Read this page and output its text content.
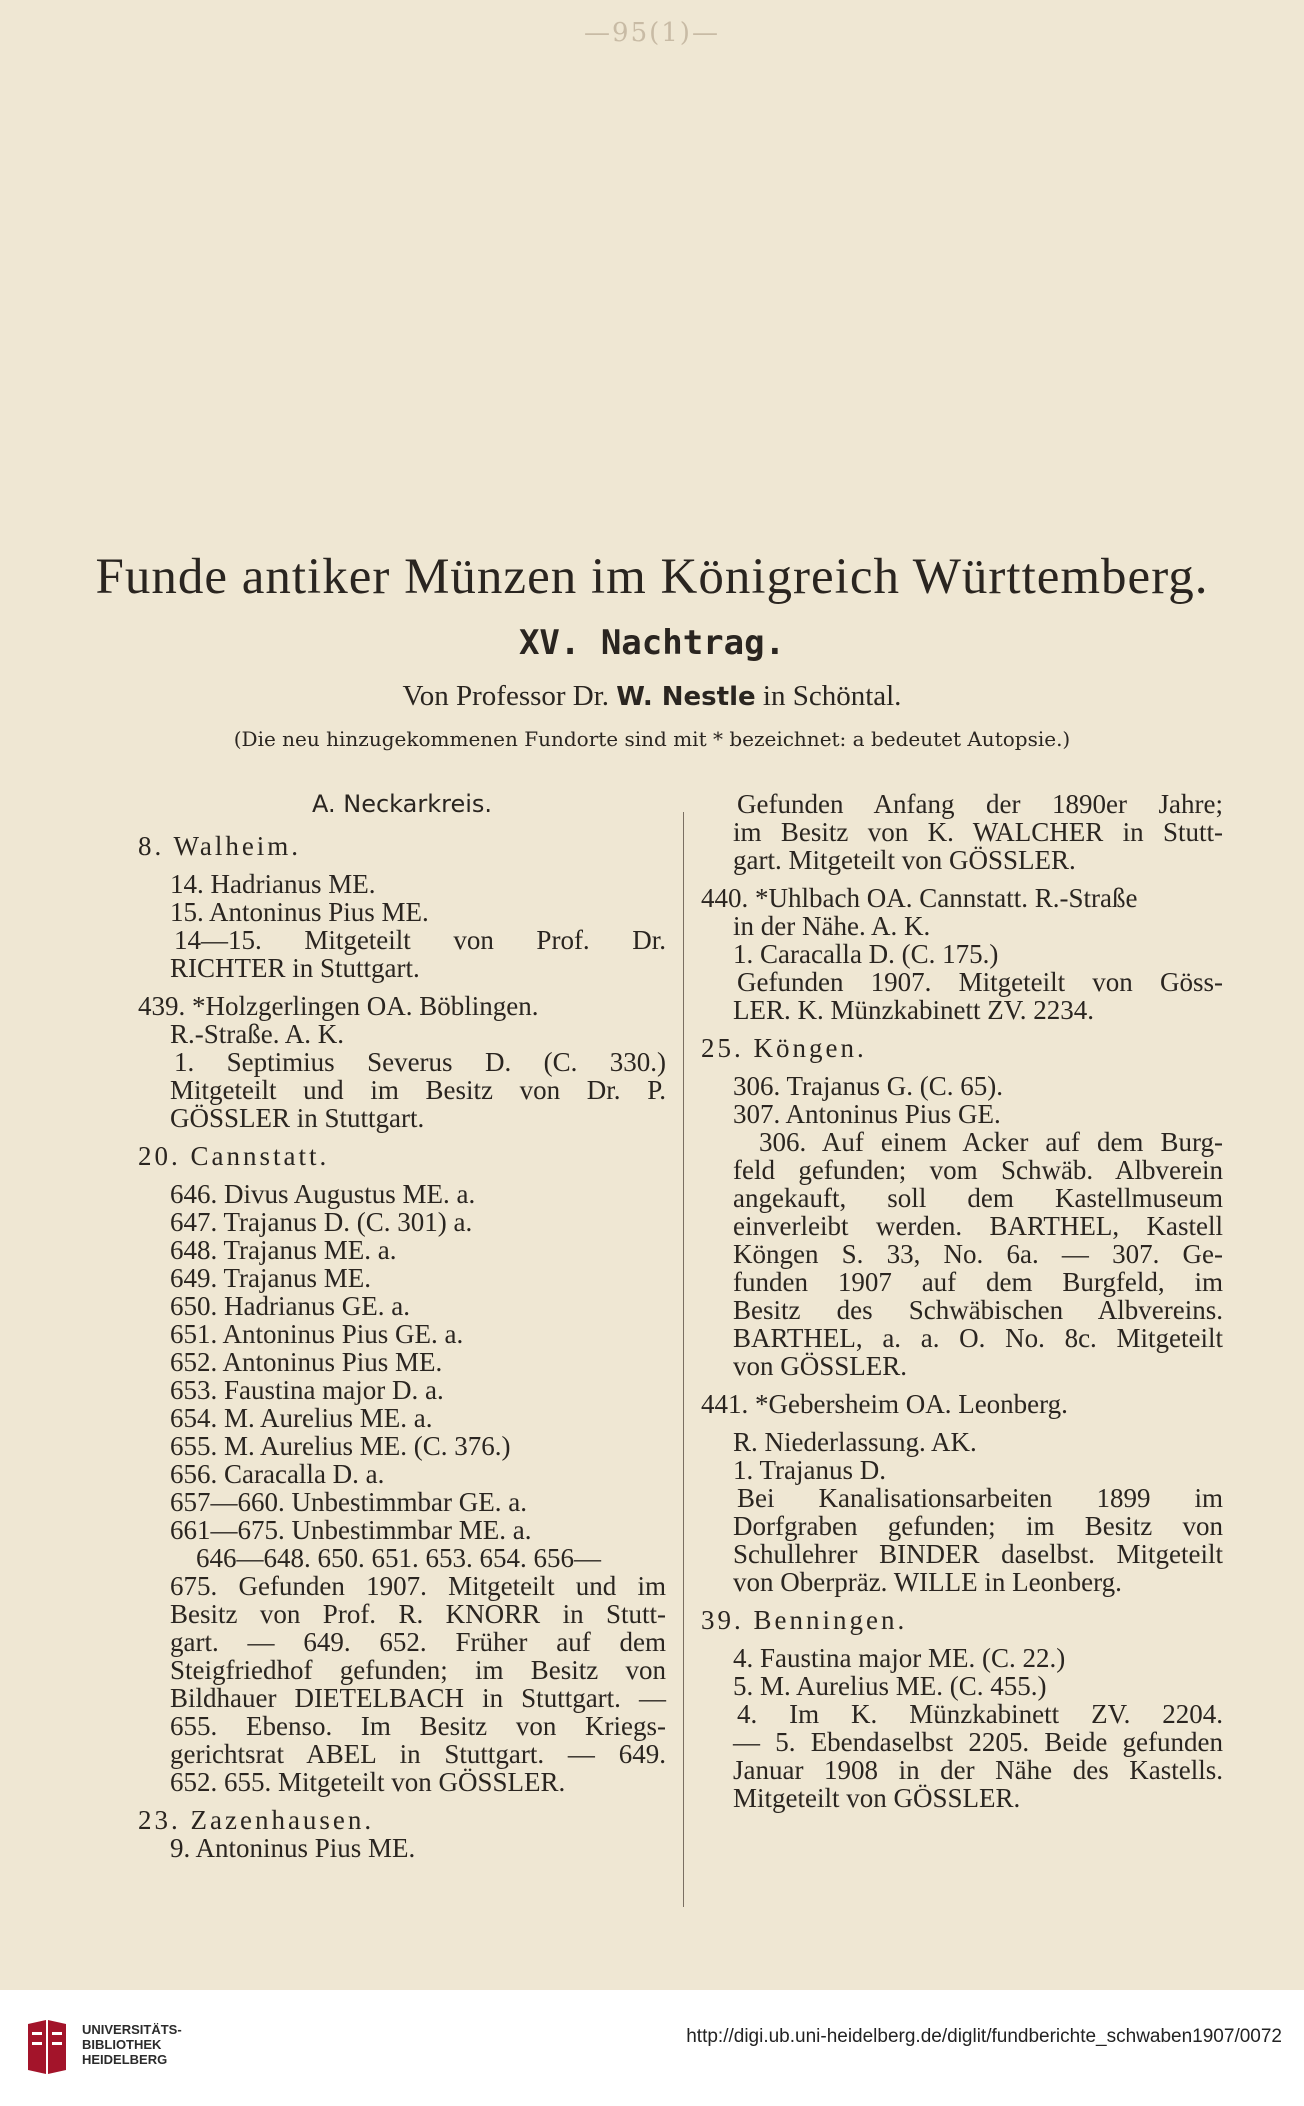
—95(1)—
Funde antiker Münzen im Königreich Württemberg.
XV. Nachtrag.
Von Professor Dr. W. Nestle in Schöntal.
(Die neu hinzugekommenen Fundorte sind mit * bezeichnet: a bedeutet Autopsie.)
A. Neckarkreis.
8. Walheim.
14. Hadrianus ME.
15. Antoninus Pius ME.
14—15. Mitgeteilt von Prof. Dr.
RICHTER in Stuttgart.
439. *Holzgerlingen OA. Böblingen.
R.-Straße. A. K.
1. Septimius Severus D. (C. 330.)
Mitgeteilt und im Besitz von Dr. P.
GÖSSLER in Stuttgart.
20. Cannstatt.
646. Divus Augustus ME. a.
647. Trajanus D. (C. 301) a.
648. Trajanus ME. a.
649. Trajanus ME.
650. Hadrianus GE. a.
651. Antoninus Pius GE. a.
652. Antoninus Pius ME.
653. Faustina major D. a.
654. M. Aurelius ME. a.
655. M. Aurelius ME. (C. 376.)
656. Caracalla D. a.
657—660. Unbestimmbar GE. a.
661—675. Unbestimmbar ME. a.
646—648. 650. 651. 653. 654. 656—
675. Gefunden 1907. Mitgeteilt und im
Besitz von Prof. R. KNORR in Stutt-
gart. — 649. 652. Früher auf dem
Steigfriedhof gefunden; im Besitz von
Bildhauer DIETELBACH in Stuttgart. —
655. Ebenso. Im Besitz von Kriegs-
gerichtsrat ABEL in Stuttgart. — 649.
652. 655. Mitgeteilt von GÖSSLER.
23. Zazenhausen.
9. Antoninus Pius ME.
Gefunden Anfang der 1890er Jahre;
im Besitz von K. WALCHER in Stutt-
gart. Mitgeteilt von GÖSSLER.
440. *Uhlbach OA. Cannstatt. R.-Straße
in der Nähe. A. K.
1. Caracalla D. (C. 175.)
Gefunden 1907. Mitgeteilt von Göss-
LER. K. Münzkabinett ZV. 2234.
25. Köngen.
306. Trajanus G. (C. 65).
307. Antoninus Pius GE.
306. Auf einem Acker auf dem Burg-
feld gefunden; vom Schwäb. Albverein
angekauft, soll dem Kastellmuseum
einverleibt werden. BARTHEL, Kastell
Köngen S. 33, No. 6a. — 307. Ge-
funden 1907 auf dem Burgfeld, im
Besitz des Schwäbischen Albvereins.
BARTHEL, a. a. O. No. 8c. Mitgeteilt
von GÖSSLER.
441. *Gebersheim OA. Leonberg.
R. Niederlassung. AK.
1. Trajanus D.
Bei Kanalisationsarbeiten 1899 im
Dorfgraben gefunden; im Besitz von
Schullehrer BINDER daselbst. Mitgeteilt
von Oberpräz. WILLE in Leonberg.
39. Benningen.
4. Faustina major ME. (C. 22.)
5. M. Aurelius ME. (C. 455.)
4. Im K. Münzkabinett ZV. 2204.
— 5. Ebendaselbst 2205. Beide gefunden
Januar 1908 in der Nähe des Kastells.
Mitgeteilt von GÖSSLER.
UNIVERSITÄTS-
BIBLIOTHEK
HEIDELBERG
http://digi.ub.uni-heidelberg.de/diglit/fundberichte_schwaben1907/0072
